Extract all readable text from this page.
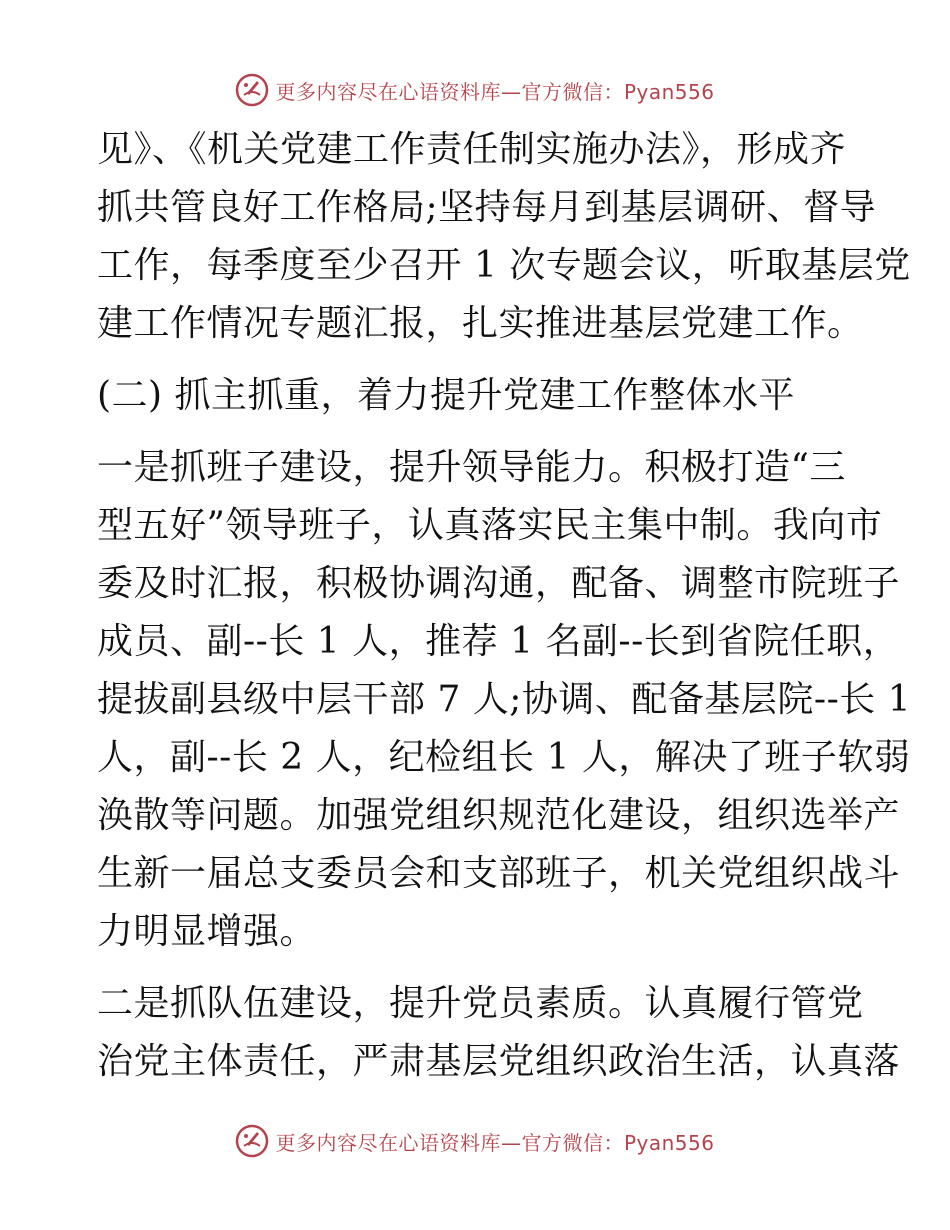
更多内容尽在心语资料库—官方微信：Pyan556
见》、《机关党建工作责任制实施办法》，形成齐
抓共管良好工作格局;坚持每月到基层调研、督导
工作，每季度至少召开 1 次专题会议，听取基层党
建工作情况专题汇报，扎实推进基层党建工作。
(二) 抓主抓重，着力提升党建工作整体水平
一是抓班子建设，提升领导能力。积极打造“三
型五好”领导班子，认真落实民主集中制。我向市
委及时汇报，积极协调沟通，配备、调整市院班子
成员、副--长 1 人，推荐 1 名副--长到省院任职，
提拔副县级中层干部 7 人;协调、配备基层院--长 1
人，副--长 2 人，纪检组长 1 人，解决了班子软弱
涣散等问题。加强党组织规范化建设，组织选举产
生新一届总支委员会和支部班子，机关党组织战斗
力明显增强。
二是抓队伍建设，提升党员素质。认真履行管党
治党主体责任，严肃基层党组织政治生活，认真落
更多内容尽在心语资料库—官方微信：Pyan556
